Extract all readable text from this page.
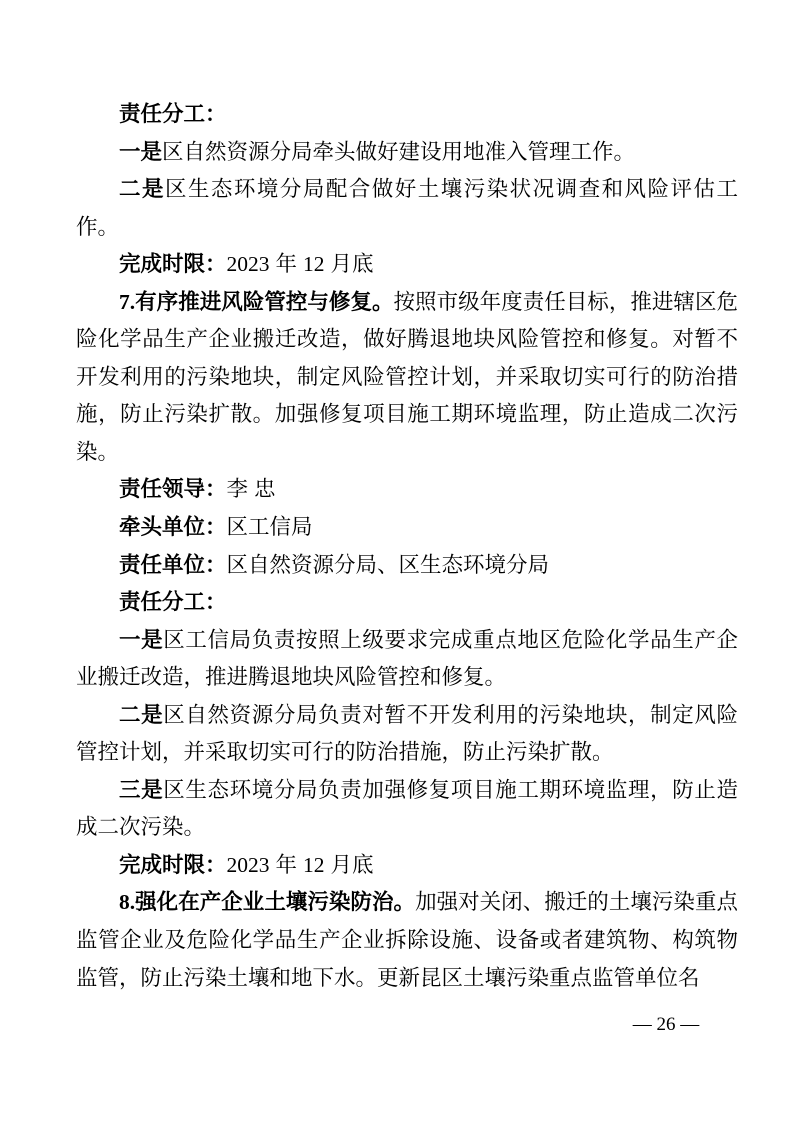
责任分工：

一是区自然资源分局牵头做好建设用地准入管理工作。

二是区生态环境分局配合做好土壤污染状况调查和风险评估工作。

完成时限：2023 年 12 月底

7.有序推进风险管控与修复。按照市级年度责任目标，推进辖区危险化学品生产企业搬迁改造，做好腾退地块风险管控和修复。对暂不开发利用的污染地块，制定风险管控计划，并采取切实可行的防治措施，防止污染扩散。加强修复项目施工期环境监理，防止造成二次污染。

责任领导：李 忠

牵头单位：区工信局

责任单位：区自然资源分局、区生态环境分局

责任分工：

一是区工信局负责按照上级要求完成重点地区危险化学品生产企业搬迁改造，推进腾退地块风险管控和修复。

二是区自然资源分局负责对暂不开发利用的污染地块，制定风险管控计划，并采取切实可行的防治措施，防止污染扩散。

三是区生态环境分局负责加强修复项目施工期环境监理，防止造成二次污染。

完成时限：2023 年 12 月底

8.强化在产企业土壤污染防治。加强对关闭、搬迁的土壤污染重点监管企业及危险化学品生产企业拆除设施、设备或者建筑物、构筑物监管，防止污染土壤和地下水。更新昆区土壤污染重点监管单位名

— 26 —
